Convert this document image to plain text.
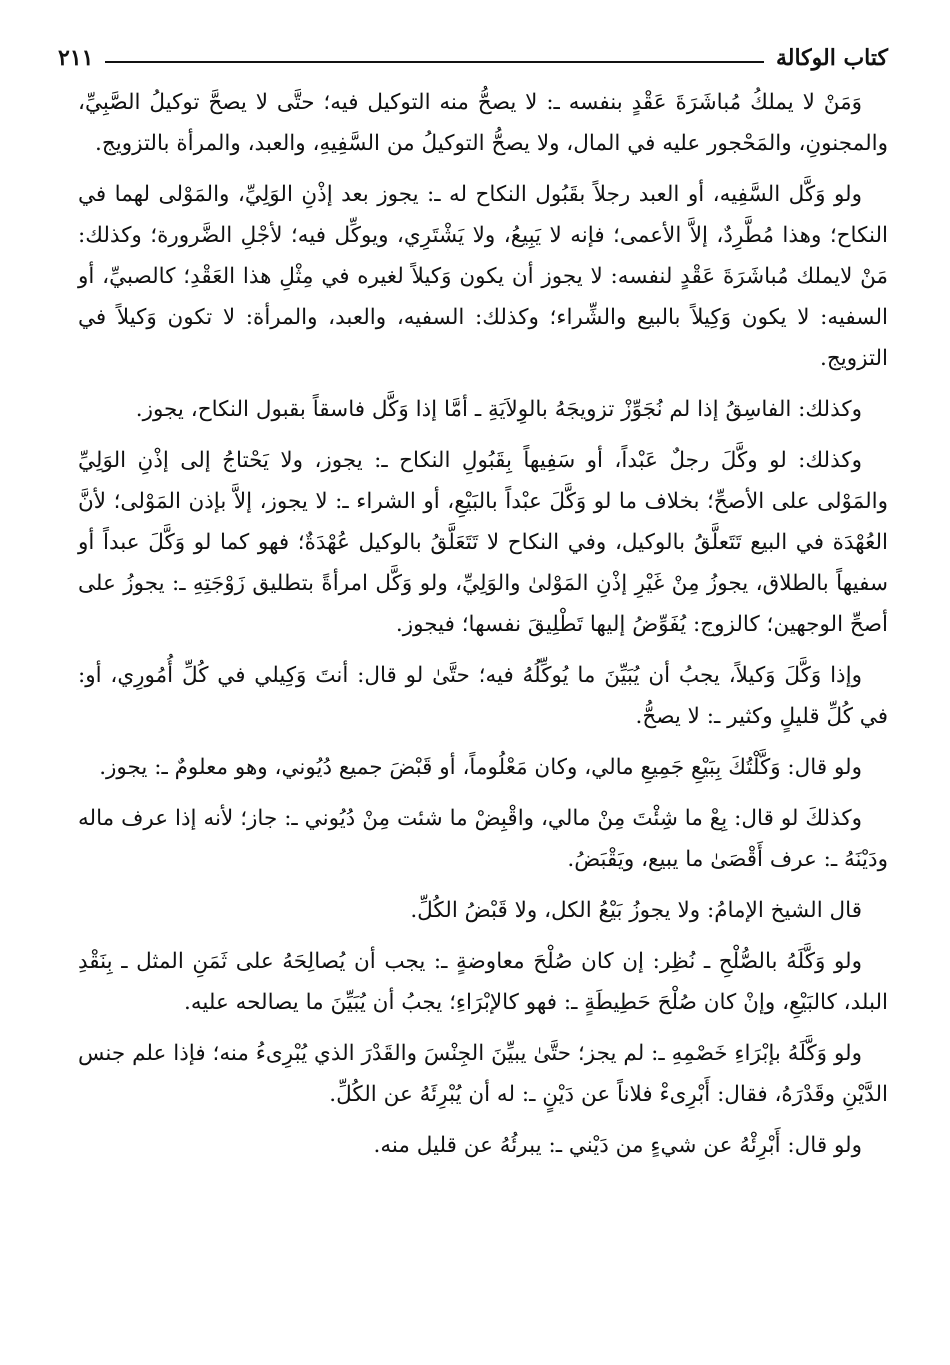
كتاب الوكالة
٢١١

وَمَنْ لا يملكُ مُباشَرَةَ عَقْدٍ بنفسه ـ: لا يصحُّ منه التوكيل فيه؛ حتَّى لا يصحَّ توكيلُ الصَّبِيِّ، والمجنونِ، والمَحْجور عليه في المال، ولا يصحُّ التوكيلُ من السَّفِيهِ، والعبد، والمرأة بالتزويج.

ولو وَكَّل السَّفِيه، أو العبد رجلاً بقَبُول النكاح له ـ: يجوز بعد إذْنِ الوَلِيِّ، والمَوْلى لهما في النكاح؛ وهذا مُطَّرِدٌ، إلاَّ الأعمى؛ فإنه لا يَبِيعُ، ولا يَشْتَرِي، ويوكِّل فيه؛ لأجْلِ الضَّرورة؛ وكذلك: مَنْ لايملك مُباشَرَةَ عَقْدٍ لنفسه: لا يجوز أن يكون وَكيلاً لغيره في مِثْلِ هذا العَقْدِ؛ كالصبيِّ، أو السفيه: لا يكون وَكِيلاً بالبيع والشِّراء؛ وكذلك: السفيه، والعبد، والمرأة: لا تكون وَكيلاً في التزويج.

وكذلك: الفاسِقُ إذا لم نُجَوِّزْ تزويجَهُ بالوِلاَيَةِ ـ أمَّا إذا وَكَّل فاسقاً بقبول النكاح، يجوز.

وكذلك: لو وكَّلَ رجلٌ عَبْداً، أو سَفِيهاً بِقَبُولِ النكاح ـ: يجوز، ولا يَحْتاجُ إلى إذْنِ الوَلِيِّ والمَوْلى على الأصحِّ؛ بخلاف ما لو وَكَّلَ عبْداً بالبَيْعِ، أو الشراء ـ: لا يجوز، إلاَّ بإذن المَوْلى؛ لأنَّ العُهْدَة في البيع تَتَعلَّقُ بالوكيل، وفي النكاح لا تَتَعَلَّقُ بالوكيل عُهْدَةٌ؛ فهو كما لو وَكَّلَ عبداً أو سفيهاً بالطلاق، يجوزُ مِنْ غَيْرِ إذْنِ المَوْلىٰ والوَلِيِّ، ولو وَكَّل امرأةً بتطليق زَوْجَتِهِ ـ: يجوزُ على أصحِّ الوجهين؛ كالزوج: يُفَوِّضُ إليها تَطْلِيقَ نفسها؛ فيجوز.

وإذا وَكَّلَ وَكيلاً، يجبُ أن يُبَيِّنَ ما يُوكِّلُهُ فيه؛ حتَّىٰ لو قال: أنتَ وَكِيلي في كُلِّ أُمُورِي، أو: في كُلِّ قليلٍ وكثير ـ: لا يصحُّ.

ولو قال: وَكَّلْتُكَ بِبَيْعِ جَمِيعِ مالي، وكان مَعْلُوماً، أو قَبْضَ جميع دُيُوني، وهو معلومٌ ـ: يجوز.

وكذلكَ لو قال: بِعْ ما شِئْتَ مِنْ مالي، واقْبِضْ ما شئت مِنْ دُيُوني ـ: جاز؛ لأنه إذا عرف ماله ودَيْنَهُ ـ: عرف أَقْصَىٰ ما يبيع، ويَقْبَضُ.

قال الشيخ الإمامُ: ولا يجوزُ بَيْعُ الكل، ولا قَبْضُ الكُلِّ.

ولو وَكَّلَهُ بالصُّلْحِ ـ نُظِر: إن كان صُلْحَ معاوضةٍ ـ: يجب أن يُصالِحَهُ على ثَمَنِ المثل ـ بِنَقْدِ البلد، كالبَيْعِ، وإنْ كان صُلْحَ حَطِيطَةٍ ـ: فهو كالإبْرَاءِ؛ يجبُ أن يُبَيِّنَ ما يصالحه عليه.

ولو وَكَّلَهُ بإبْرَاءِ خَصْمِهِ ـ: لم يجز؛ حتَّىٰ يبيِّنَ الجِنْسَ والقَدْرَ الذي يُبْرِىءُ منه؛ فإذا علم جنس الدَّيْنِ وقَدْرَهُ، فقال: أَبْرِىءْ فلاناً عن دَيْنٍ ـ: له أن يُبْرِئَهُ عن الكُلِّ.

ولو قال: أَبْرِئْهُ عن شيءٍ من دَيْني ـ: يبرئُهُ عن قليل منه.
